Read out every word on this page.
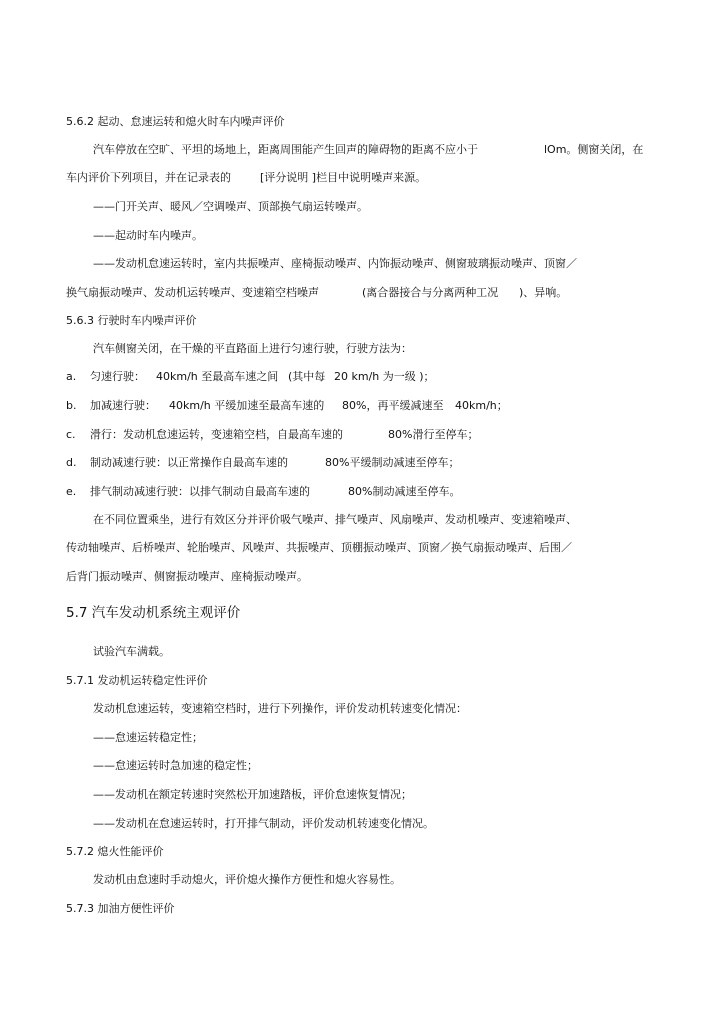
5.6.2 起动、怠速运转和熄火时车内噪声评价
汽车停放在空旷、平坦的场地上，距离周围能产生回声的障碍物的距离不应小于	lOm。侧窗关闭，在
车内评价下列项目，并在记录表的	[评分说明 ]栏目中说明噪声来源。
——门开关声、暖风／空调噪声、顶部换气扇运转噪声。
——起动时车内噪声。
——发动机怠速运转时，室内共振噪声、座椅振动噪声、内饰振动噪声、侧窗玻璃振动噪声、顶窗／
换气扇振动噪声、发动机运转噪声、变速箱空档噪声	(离合器接合与分离两种工况 )、异响。
5.6.3 行驶时车内噪声评价
汽车侧窗关闭，在干燥的平直路面上进行匀速行驶，行驶方法为：
a. 匀速行驶： 40km/h 至最高车速之间 (其中每 20 km/h 为一级 )；
b. 加减速行驶： 40km/h 平缓加速至最高车速的 80%，再平缓减速至 40km/h；
c. 滑行：发动机怠速运转，变速箱空档，自最高车速的	80%滑行至停车；
d. 制动减速行驶：以正常操作自最高车速的	80%平缓制动减速至停车；
e. 排气制动减速行驶：以排气制动自最高车速的	80%制动减速至停车。
在不同位置乘坐，进行有效区分并评价吸气噪声、排气噪声、风扇噪声、发动机噪声、变速箱噪声、
传动轴噪声、后桥噪声、轮胎噪声、风噪声、共振噪声、顶棚振动噪声、顶窗／换气扇振动噪声、后围／
后背门振动噪声、侧窗振动噪声、座椅振动噪声。
5.7 汽车发动机系统主观评价
试验汽车满载。
5.7.1 发动机运转稳定性评价
发动机怠速运转，变速箱空档时，进行下列操作，评价发动机转速变化情况：
——怠速运转稳定性；
——怠速运转时急加速的稳定性；
——发动机在额定转速时突然松开加速踏板，评价怠速恢复情况；
——发动机在怠速运转时，打开排气制动，评价发动机转速变化情况。
5.7.2 熄火性能评价
发动机由怠速时手动熄火，评价熄火操作方便性和熄火容易性。
5.7.3 加油方便性评价
